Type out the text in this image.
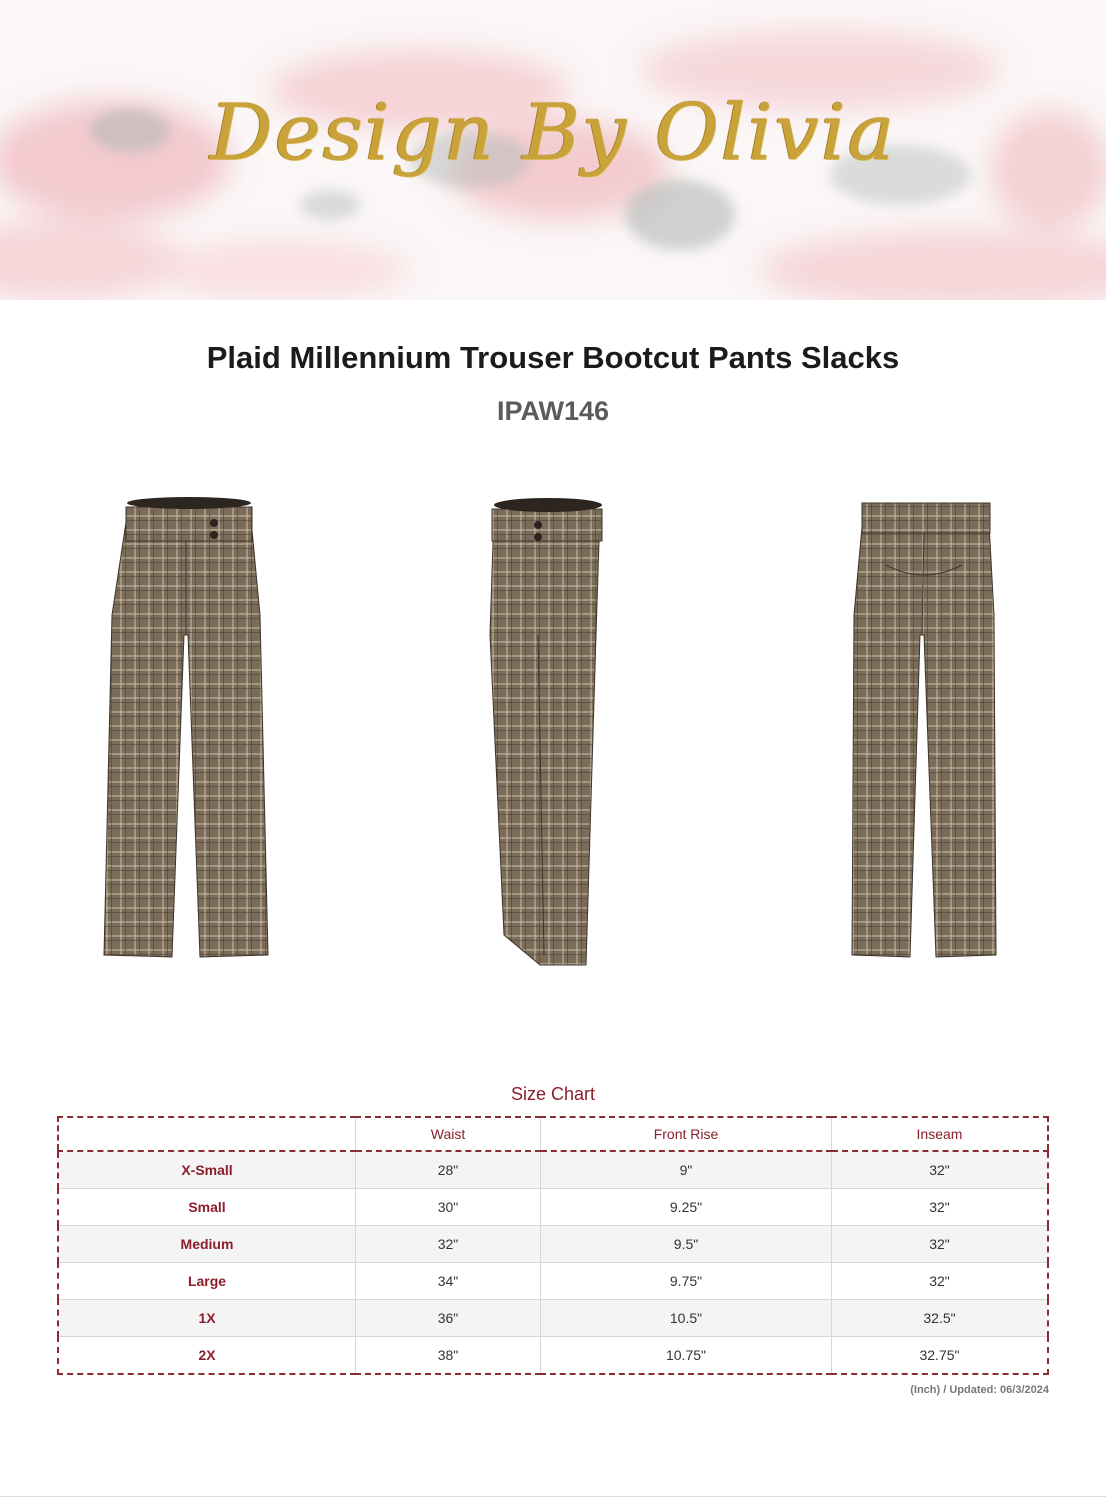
Design By Olivia
Plaid Millennium Trouser Bootcut Pants Slacks
IPAW146
Size Chart
	Waist	Front Rise	Inseam
X-Small	28"	9"	32"
Small	30"	9.25"	32"
Medium	32"	9.5"	32"
Large	34"	9.75"	32"
1X	36"	10.5"	32.5"
2X	38"	10.75"	32.75"
(Inch) / Updated: 06/3/2024
